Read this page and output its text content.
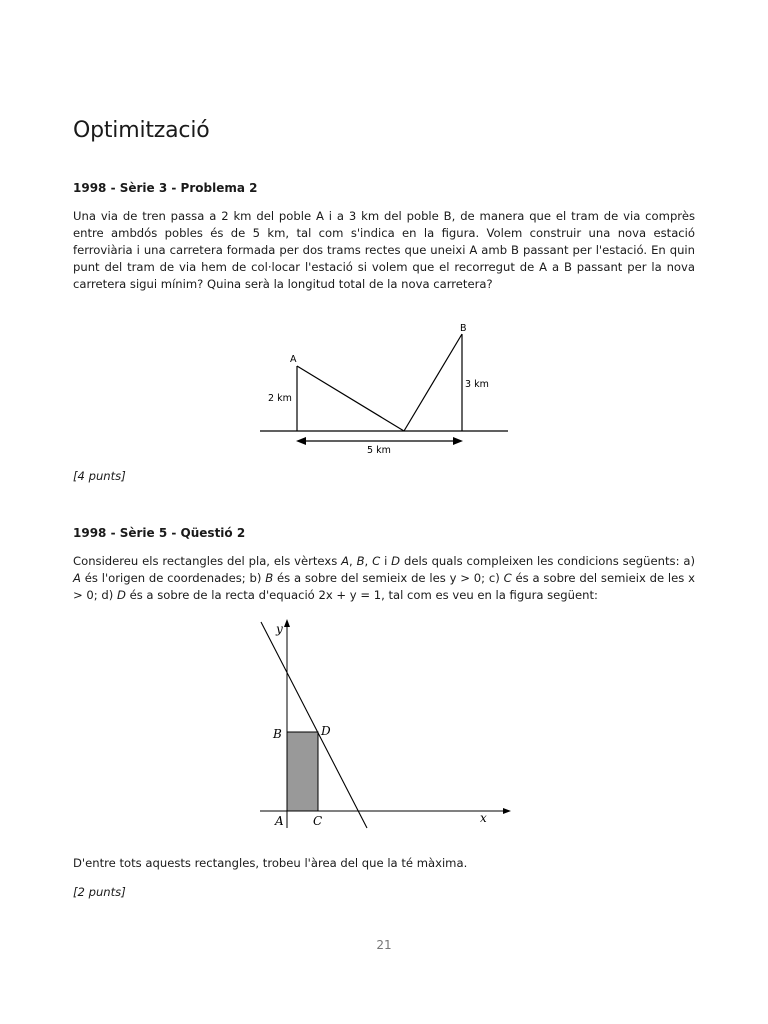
Optimització

1998 - Sèrie 3 - Problema 2

Una via de tren passa a 2 km del poble A i a 3 km del poble B, de manera que el tram de via comprès entre ambdós pobles és de 5 km, tal com s'indica en la figura. Volem construir una nova estació ferroviària i una carretera formada per dos trams rectes que uneixi A amb B passant per l'estació. En quin punt del tram de via hem de col·locar l'estació si volem que el recorregut de A a B passant per la nova carretera sigui mínim? Quina serà la longitud total de la nova carretera?

A
B
2 km
3 km
5 km

[4 punts]

1998 - Sèrie 5 - Qüestió 2

Considereu els rectangles del pla, els vèrtexs A, B, C i D dels quals compleixen les condicions següents: a) A és l'origen de coordenades; b) B és a sobre del semieix de les y > 0; c) C és a sobre del semieix de les x > 0; d) D és a sobre de la recta d'equació 2x + y = 1, tal com es veu en la figura següent:

y
x
B	D
A C

D'entre tots aquests rectangles, trobeu l'àrea del que la té màxima.

[2 punts]

21
